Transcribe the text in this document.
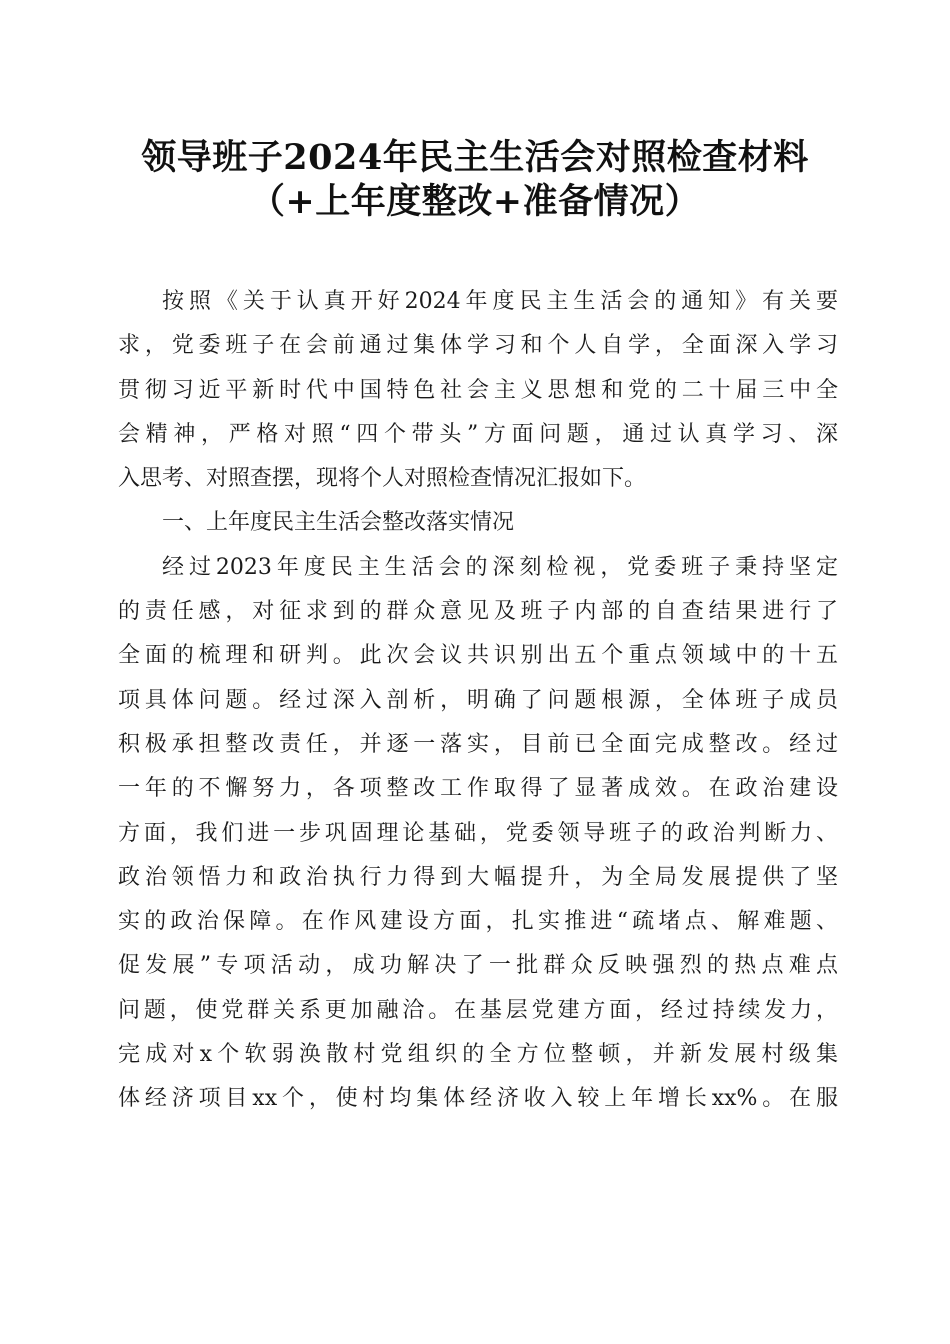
领导班子2024年民主生活会对照检查材料
（+上年度整改+准备情况）
按照《关于认真开好2024年度民主生活会的通知》有关要
求，党委班子在会前通过集体学习和个人自学，全面深入学习
贯彻习近平新时代中国特色社会主义思想和党的二十届三中全
会精神，严格对照“四个带头”方面问题，通过认真学习、深
入思考、对照查摆，现将个人对照检查情况汇报如下。
一、上年度民主生活会整改落实情况
经过2023年度民主生活会的深刻检视，党委班子秉持坚定
的责任感，对征求到的群众意见及班子内部的自查结果进行了
全面的梳理和研判。此次会议共识别出五个重点领域中的十五
项具体问题。经过深入剖析，明确了问题根源，全体班子成员
积极承担整改责任，并逐一落实，目前已全面完成整改。经过
一年的不懈努力，各项整改工作取得了显著成效。在政治建设
方面，我们进一步巩固理论基础，党委领导班子的政治判断力、
政治领悟力和政治执行力得到大幅提升，为全局发展提供了坚
实的政治保障。在作风建设方面，扎实推进“疏堵点、解难题、
促发展”专项活动，成功解决了一批群众反映强烈的热点难点
问题，使党群关系更加融洽。在基层党建方面，经过持续发力，
完成对x个软弱涣散村党组织的全方位整顿，并新发展村级集
体经济项目xx个，使村均集体经济收入较上年增长xx%。在服
